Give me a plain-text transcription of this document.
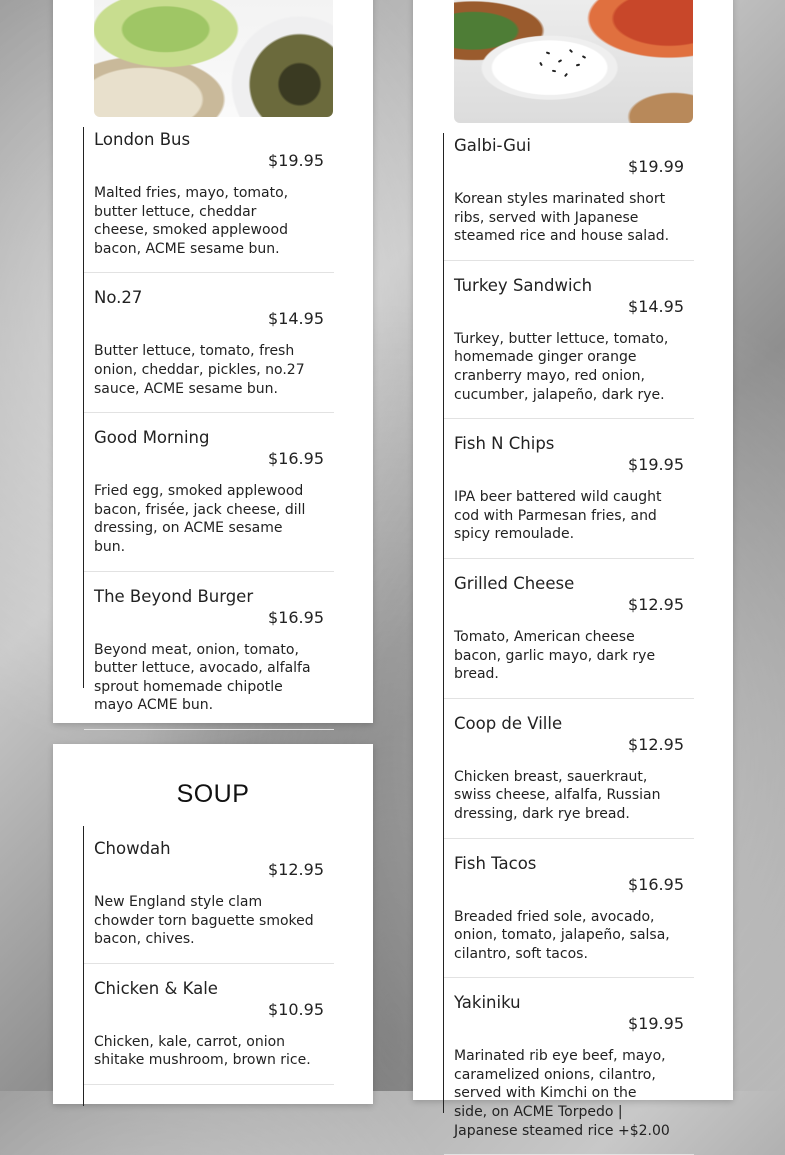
London Bus
$19.95
Malted fries, mayo, tomato, butter lettuce, cheddar cheese, smoked applewood bacon, ACME sesame bun.
No.27
$14.95
Butter lettuce, tomato, fresh onion, cheddar, pickles, no.27 sauce, ACME sesame bun.
Good Morning
$16.95
Fried egg, smoked applewood bacon, frisée, jack cheese, dill dressing, on ACME sesame bun.
The Beyond Burger
$16.95
Beyond meat, onion, tomato, butter lettuce, avocado, alfalfa sprout homemade chipotle mayo ACME bun.
SOUP
Chowdah
$12.95
New England style clam chowder torn baguette smoked bacon, chives.
Chicken & Kale
$10.95
Chicken, kale, carrot, onion shitake mushroom, brown rice.
Galbi-Gui
$19.99
Korean styles marinated short ribs, served with Japanese steamed rice and house salad.
Turkey Sandwich
$14.95
Turkey, butter lettuce, tomato, homemade ginger orange cranberry mayo, red onion, cucumber, jalapeño, dark rye.
Fish N Chips
$19.95
IPA beer battered wild caught cod with Parmesan fries, and spicy remoulade.
Grilled Cheese
$12.95
Tomato, American cheese bacon, garlic mayo, dark rye bread.
Coop de Ville
$12.95
Chicken breast, sauerkraut, swiss cheese, alfalfa, Russian dressing, dark rye bread.
Fish Tacos
$16.95
Breaded fried sole, avocado, onion, tomato, jalapeño, salsa, cilantro, soft tacos.
Yakiniku
$19.95
Marinated rib eye beef, mayo, caramelized onions, cilantro, served with Kimchi on the side, on ACME Torpedo | Japanese steamed rice +$2.00
